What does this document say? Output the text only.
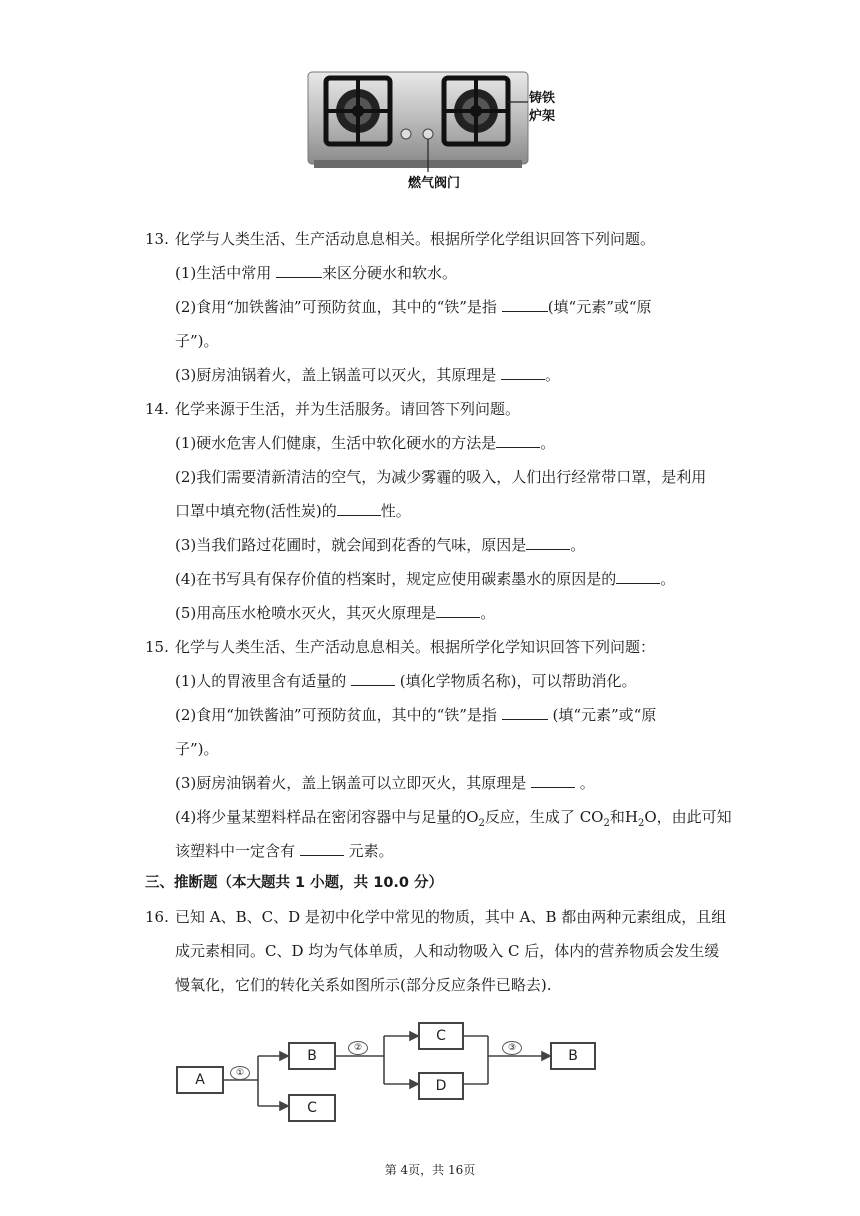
铸铁
炉架
燃气阀门
13. 化学与人类生活、生产活动息息相关。根据所学化学组识回答下列问题。
(1)生活中常用	来区分硬水和软水。
(2)食用“加铁酱油”可预防贫血，其中的“铁”是指	(填“元素”或“原
子”)。
(3)厨房油锅着火，盖上锅盖可以灭火，其原理是	。
14. 化学来源于生活，并为生活服务。请回答下列问题。
(1)硬水危害人们健康，生活中软化硬水的方法是	。
(2)我们需要清新清洁的空气，为减少雾霾的吸入，人们出行经常带口罩，是利用
口罩中填充物(活性炭)的	性。
(3)当我们路过花圃时，就会闻到花香的气味，原因是	。
(4)在书写具有保存价值的档案时，规定应使用碳素墨水的原因是的	。
(5)用高压水枪喷水灭火，其灭火原理是	。
15. 化学与人类生活、生产活动息息相关。根据所学化学知识回答下列问题：
(1)人的胃液里含有适量的	(填化学物质名称)，可以帮助消化。
(2)食用“加铁酱油”可预防贫血，其中的“铁”是指	(填“元素”或“原
子”)。
(3)厨房油锅着火，盖上锅盖可以立即灭火，其原理是	。
(4)将少量某塑料样品在密闭容器中与足量的$O_2$反应，生成了 $CO_2$和$H_2O$，由此可知
该塑料中一定含有	元素。
三、推断题（本大题共 1 小题，共 10.0 分）
16. 已知 A、B、C、D 是初中化学中常见的物质，其中 A、B 都由两种元素组成，且组
成元素相同。C、D 均为气体单质，人和动物吸入 C 后，体内的营养物质会发生缓
慢氧化，它们的转化关系如图所示(部分反应条件已略去).
A	①
B
C
②
C
D
③	B
第 4页，共 16页
